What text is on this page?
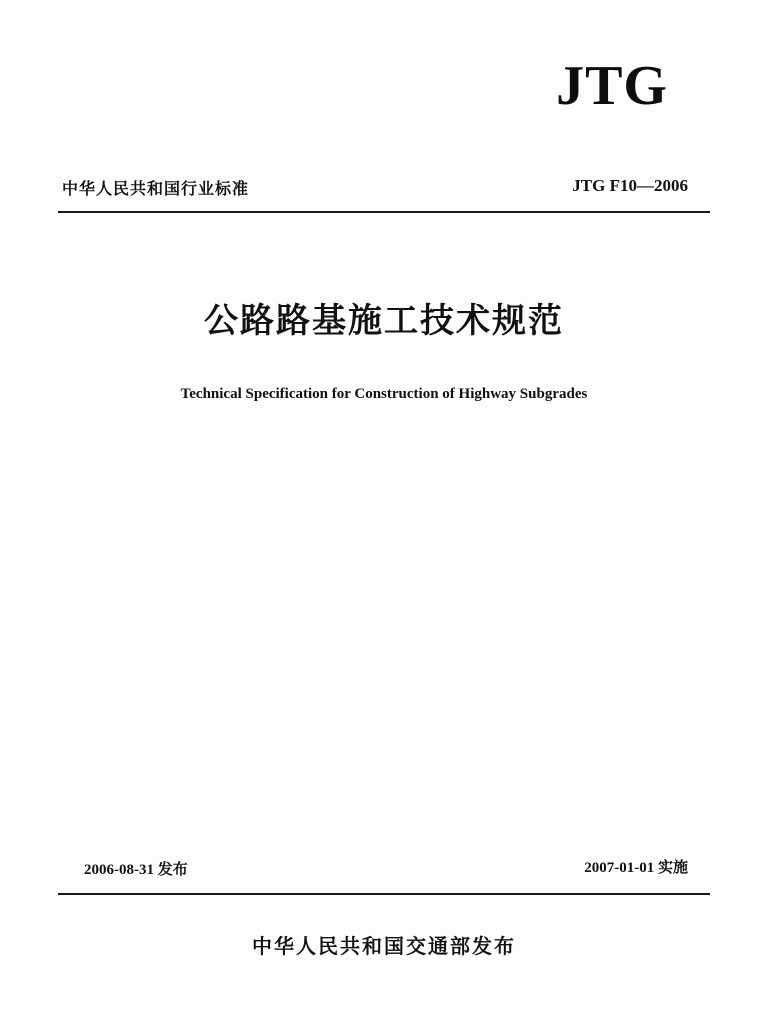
JTG
中华人民共和国行业标准	JTG F10—2006
公路路基施工技术规范
Technical Specification for Construction of Highway Subgrades
2006-08-31 发布	2007-01-01 实施
中华人民共和国交通部发布
